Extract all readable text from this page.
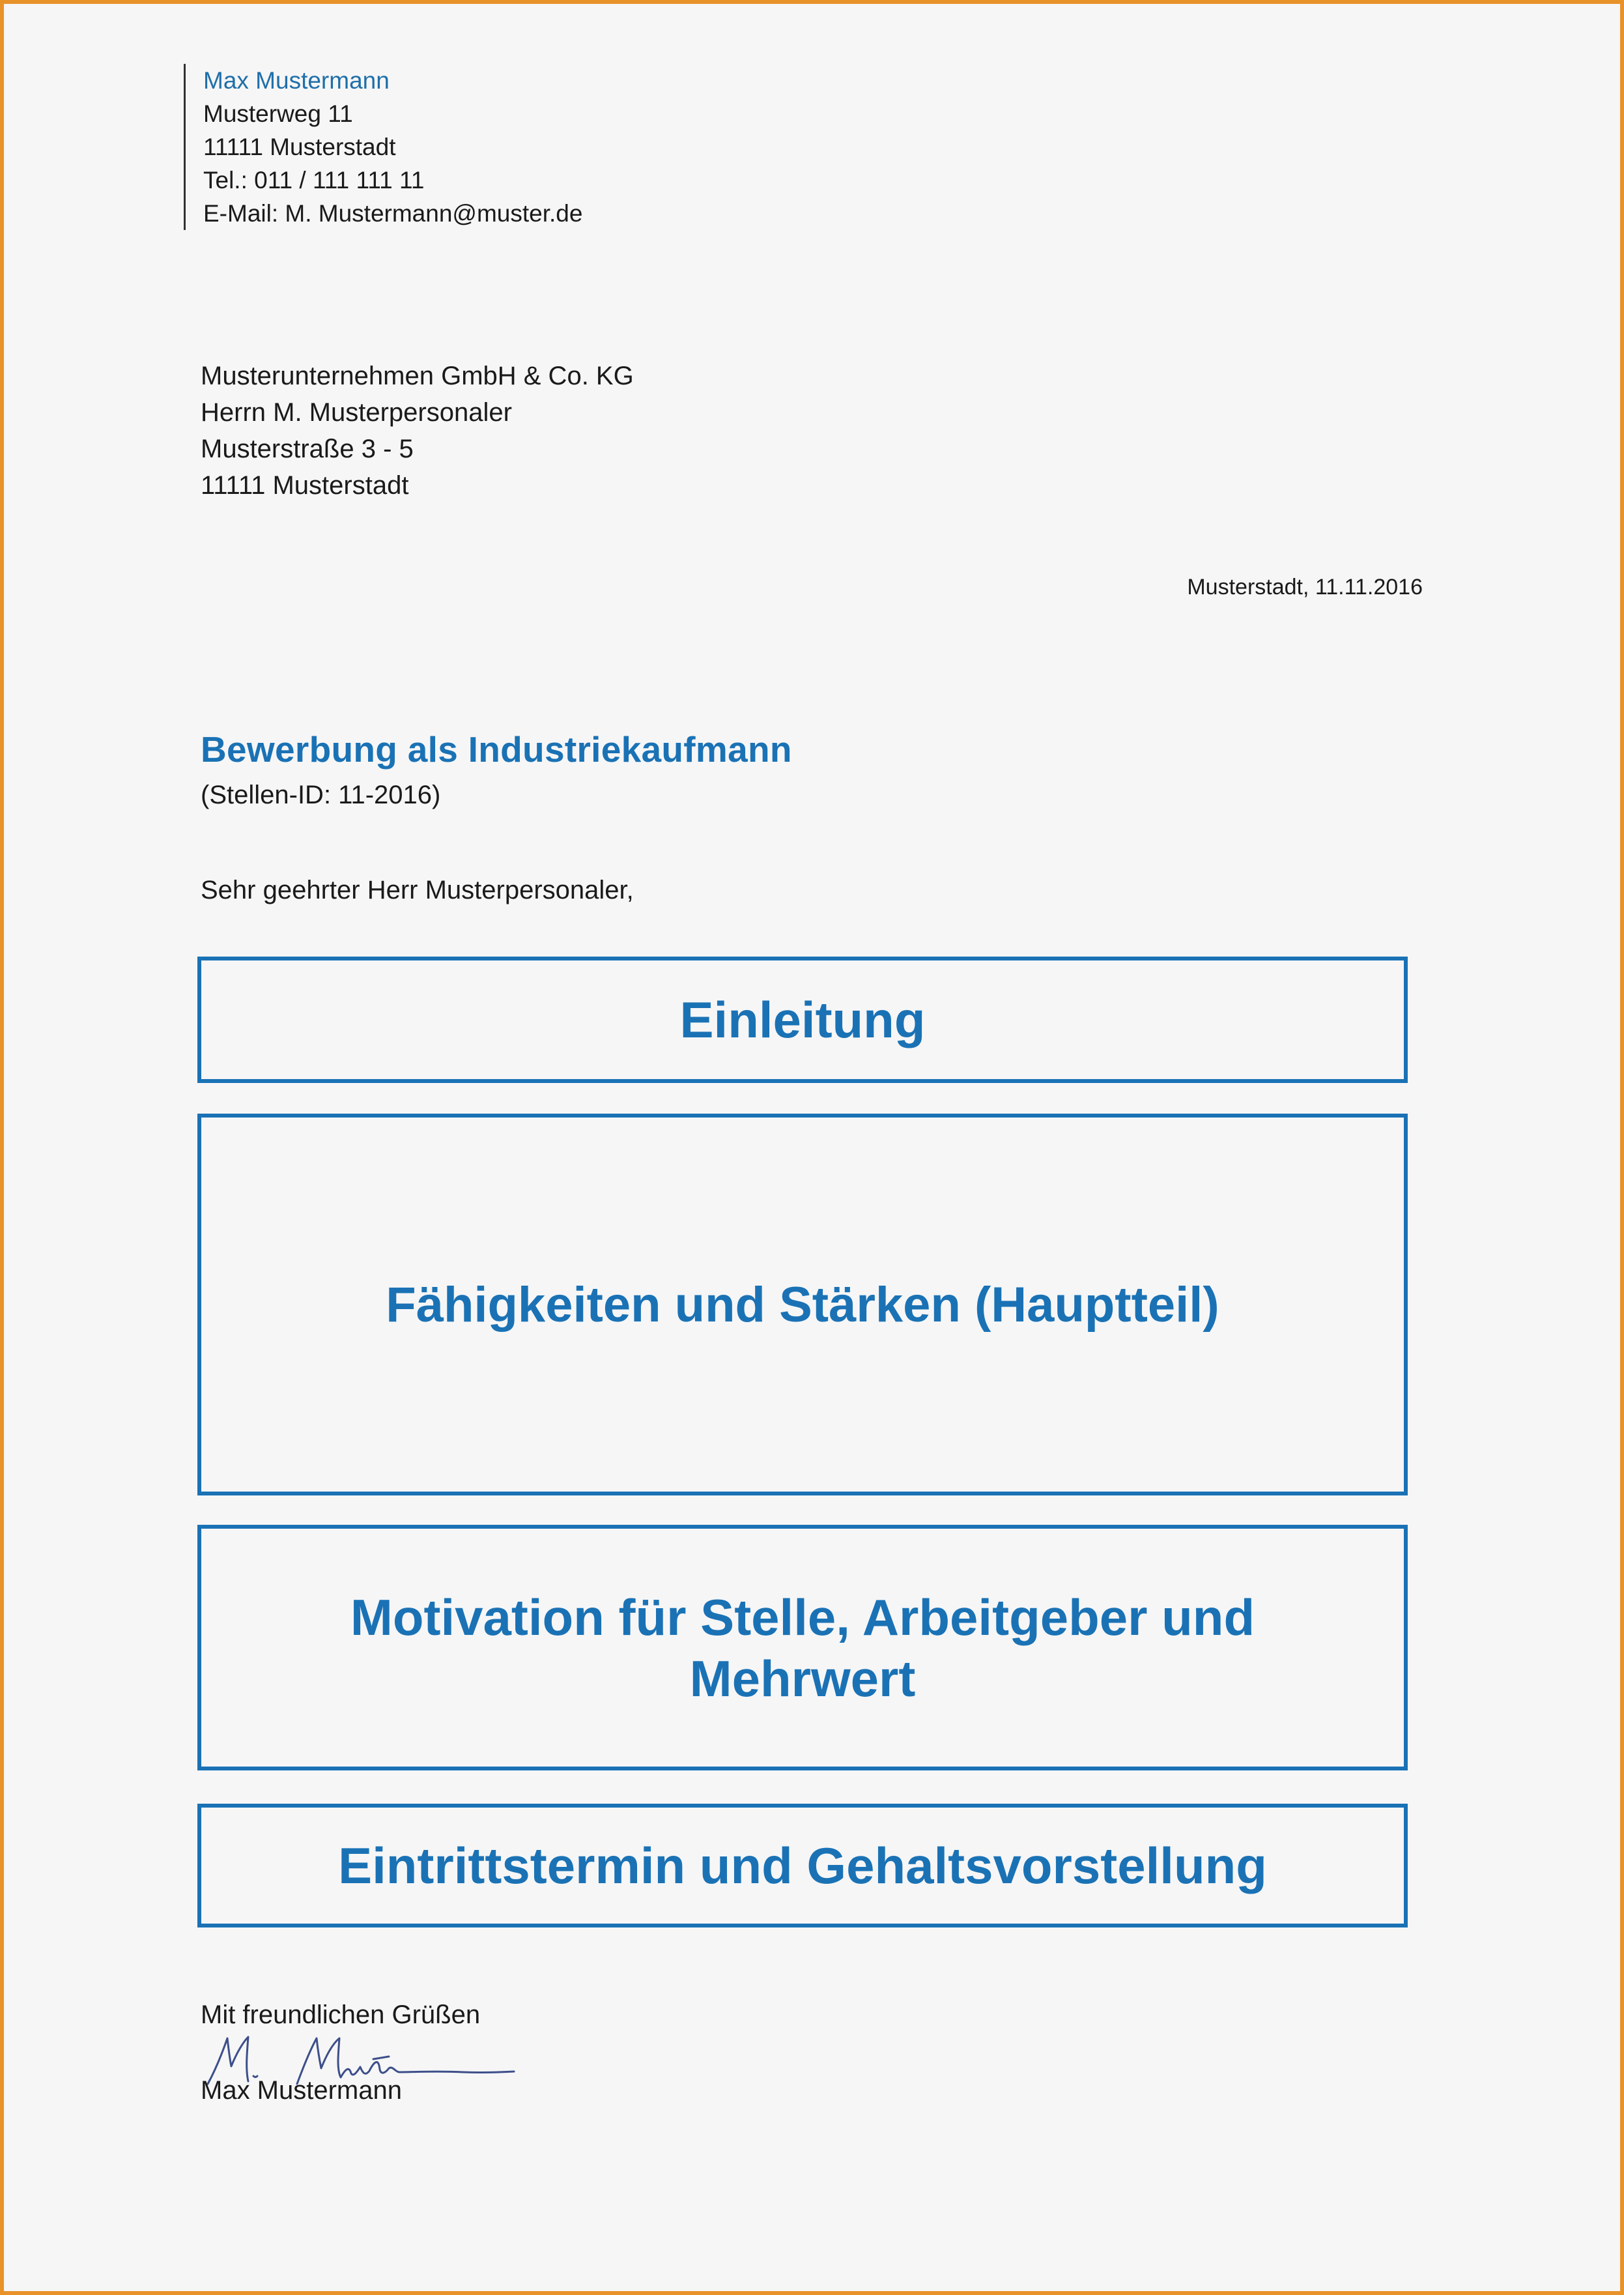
Max Mustermann
Musterweg 11
11111 Musterstadt
Tel.: 011 / 111 111 11
E-Mail: M. Mustermann@muster.de
Musterunternehmen GmbH & Co. KG
Herrn M. Musterpersonaler
Musterstraße 3 - 5
11111 Musterstadt
Musterstadt, 11.11.2016
Bewerbung als Industriekaufmann
(Stellen-ID: 11-2016)
Sehr geehrter Herr Musterpersonaler,
Einleitung
Fähigkeiten und Stärken (Hauptteil)
Motivation für Stelle, Arbeitgeber und Mehrwert
Eintrittstermin und Gehaltsvorstellung
Mit freundlichen Grüßen
Max Mustermann
